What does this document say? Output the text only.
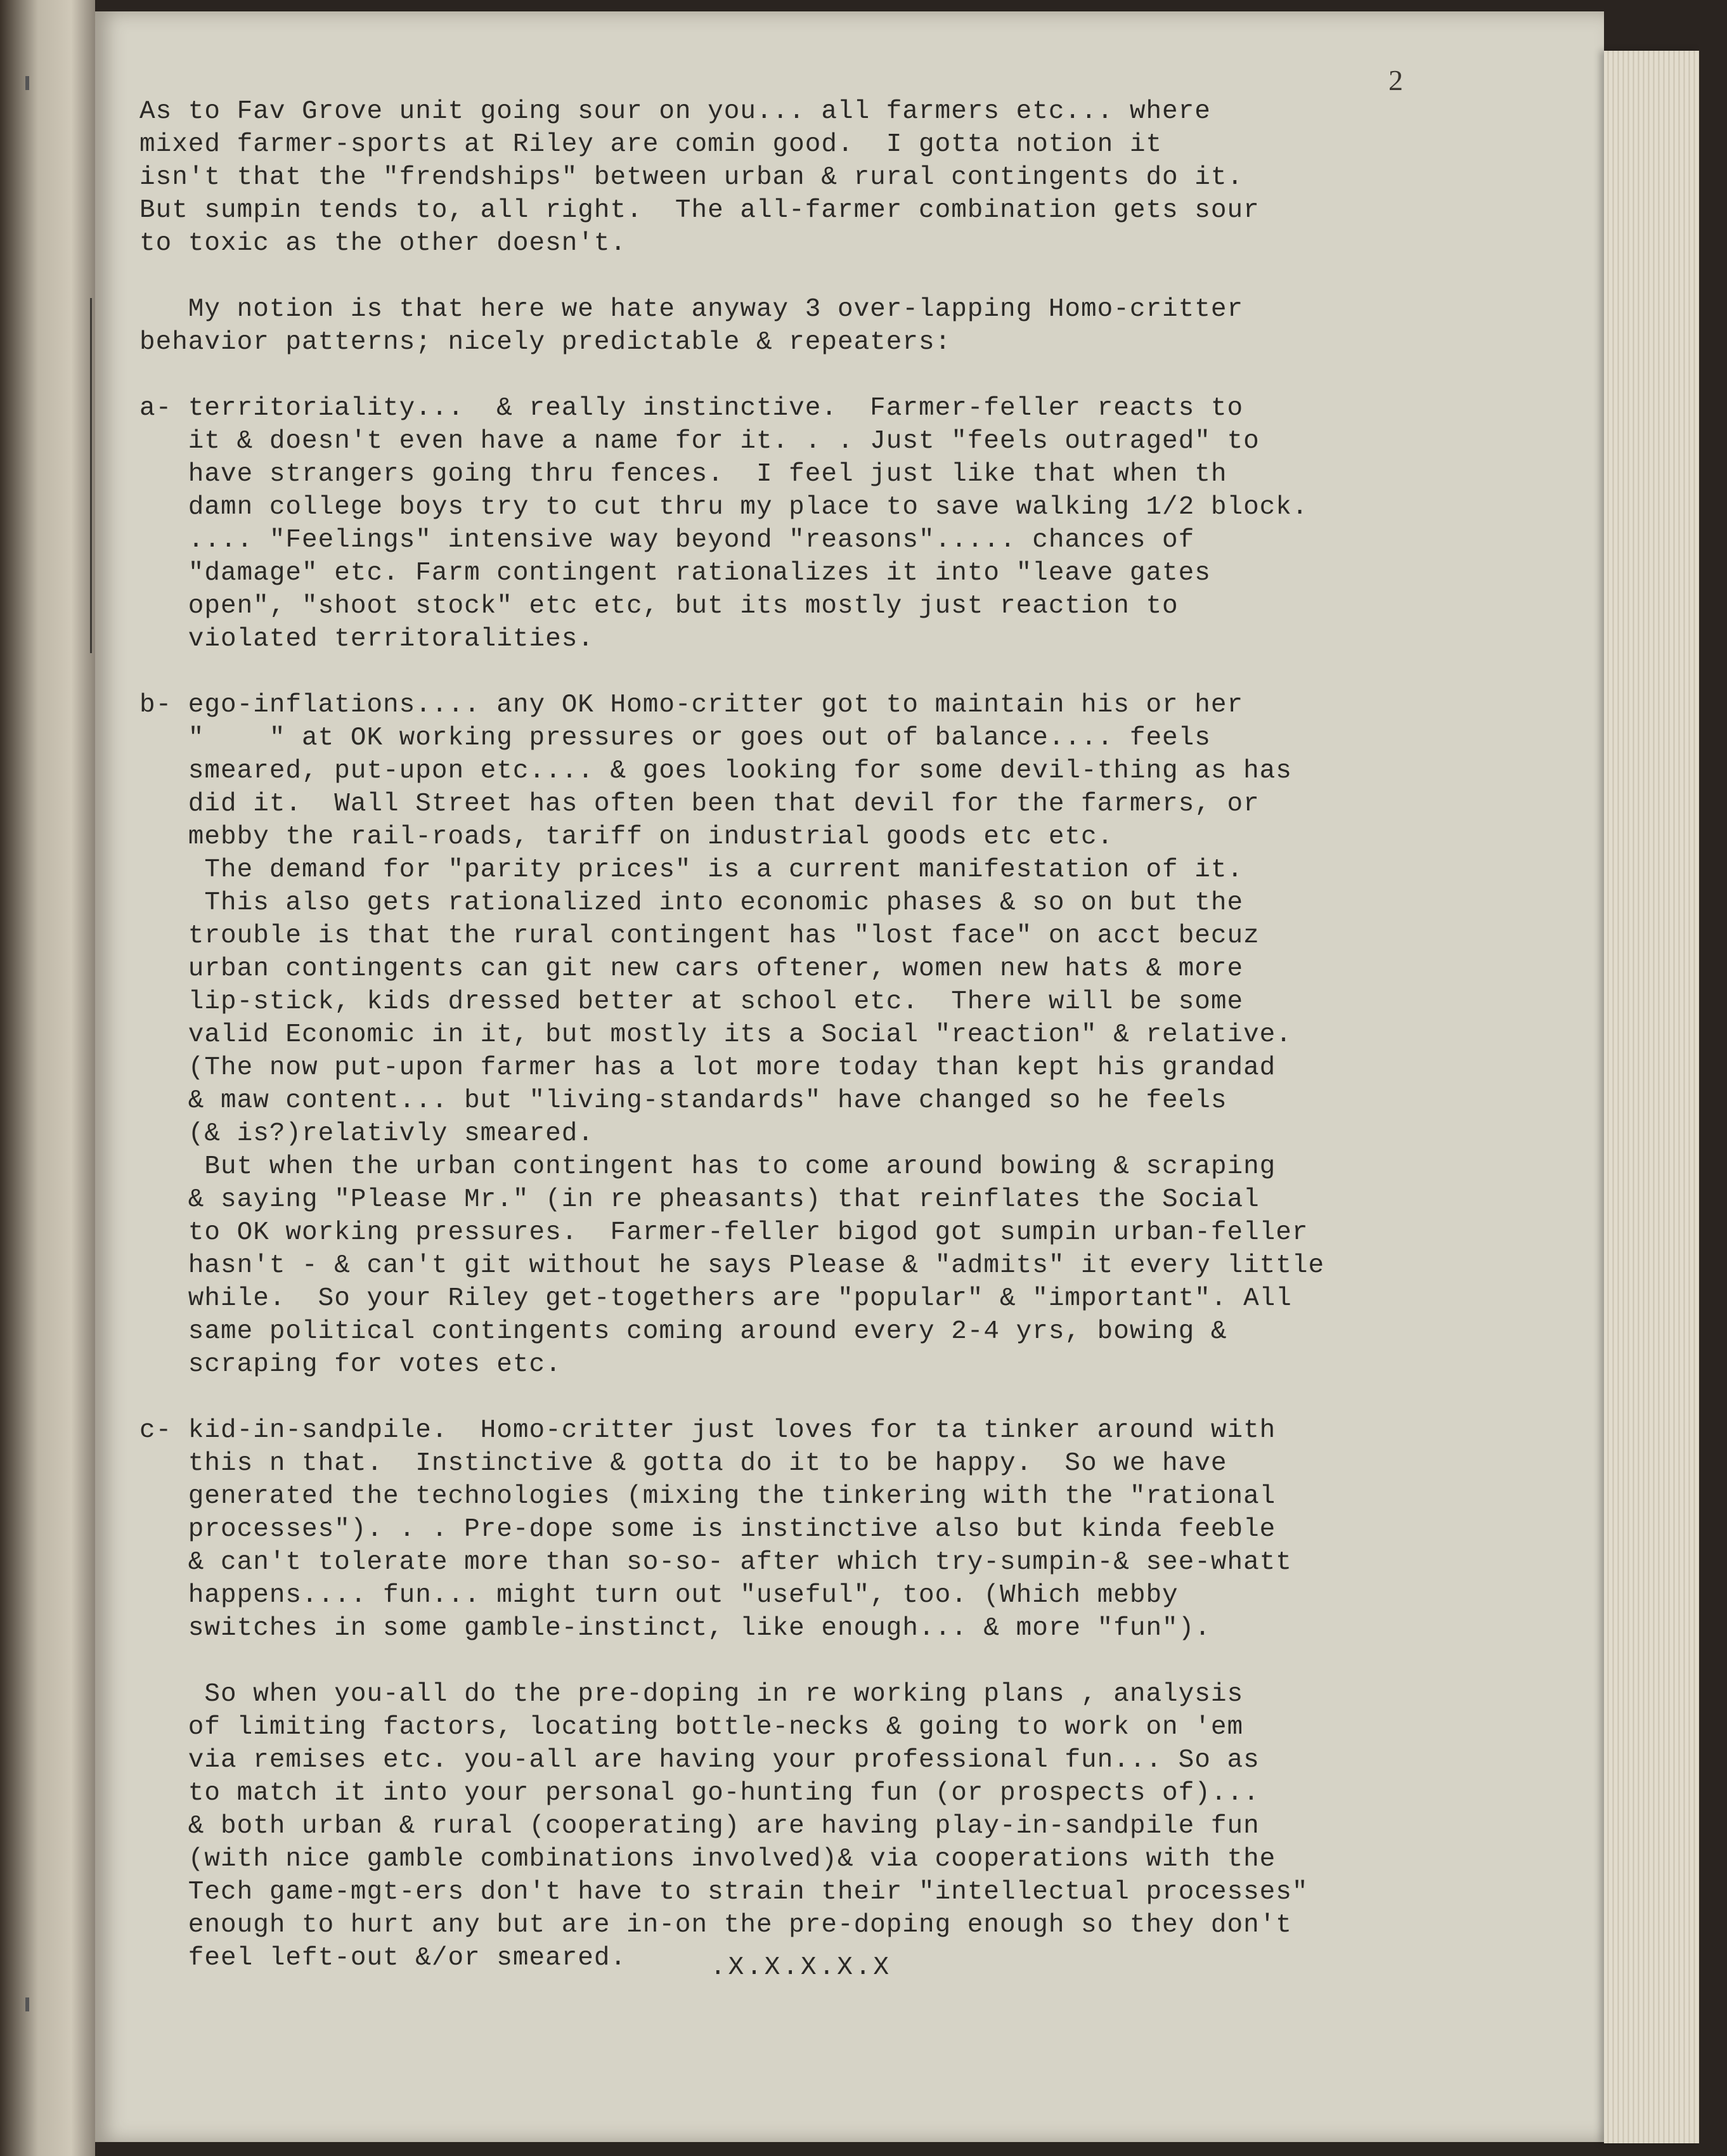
2
As to Fav Grove unit going sour on you... all farmers etc... where
mixed farmer-sports at Riley are comin good.  I gotta notion it
isn't that the "frendships" between urban & rural contingents do it.
But sumpin tends to, all right.  The all-farmer combination gets sour
to toxic as the other doesn't.
My notion is that here we hate anyway 3 over-lapping Homo-critter
behavior patterns; nicely predictable & repeaters:
a- territoriality...  & really instinctive.  Farmer-feller reacts to
it & doesn't even have a name for it. . . Just "feels outraged" to
have strangers going thru fences.  I feel just like that when th
damn college boys try to cut thru my place to save walking 1/2 block.
.... "Feelings" intensive way beyond "reasons"..... chances of
"damage" etc. Farm contingent rationalizes it into "leave gates
open", "shoot stock" etc etc, but its mostly just reaction to
violated territoralities.
b- ego-inflations.... any OK Homo-critter got to maintain his or her
"    " at OK working pressures or goes out of balance.... feels
smeared, put-upon etc.... & goes looking for some devil-thing as has
did it.  Wall Street has often been that devil for the farmers, or
mebby the rail-roads, tariff on industrial goods etc etc.
The demand for "parity prices" is a current manifestation of it.
This also gets rationalized into economic phases & so on but the
trouble is that the rural contingent has "lost face" on acct becuz
urban contingents can git new cars oftener, women new hats & more
lip-stick, kids dressed better at school etc.  There will be some
valid Economic in it, but mostly its a Social "reaction" & relative.
(The now put-upon farmer has a lot more today than kept his grandad
& maw content... but "living-standards" have changed so he feels
(& is?)relativly smeared.
But when the urban contingent has to come around bowing & scraping
& saying "Please Mr." (in re pheasants) that reinflates the Social
to OK working pressures.  Farmer-feller bigod got sumpin urban-feller
hasn't - & can't git without he says Please & "admits" it every little
while.  So your Riley get-togethers are "popular" & "important". All
same political contingents coming around every 2-4 yrs, bowing &
scraping for votes etc.
c- kid-in-sandpile.  Homo-critter just loves for ta tinker around with
this n that.  Instinctive & gotta do it to be happy.  So we have
generated the technologies (mixing the tinkering with the "rational
processes"). . . Pre-dope some is instinctive also but kinda feeble
& can't tolerate more than so-so- after which try-sumpin-& see-whatt
happens.... fun... might turn out "useful", too. (Which mebby
switches in some gamble-instinct, like enough... & more "fun").
So when you-all do the pre-doping in re working plans , analysis
of limiting factors, locating bottle-necks & going to work on 'em
via remises etc. you-all are having your professional fun... So as
to match it into your personal go-hunting fun (or prospects of)...
& both urban & rural (cooperating) are having play-in-sandpile fun
(with nice gamble combinations involved)& via cooperations with the
Tech game-mgt-ers don't have to strain their "intellectual processes"
enough to hurt any but are in-on the pre-doping enough so they don't
feel left-out &/or smeared.	.X.X.X.X.X
